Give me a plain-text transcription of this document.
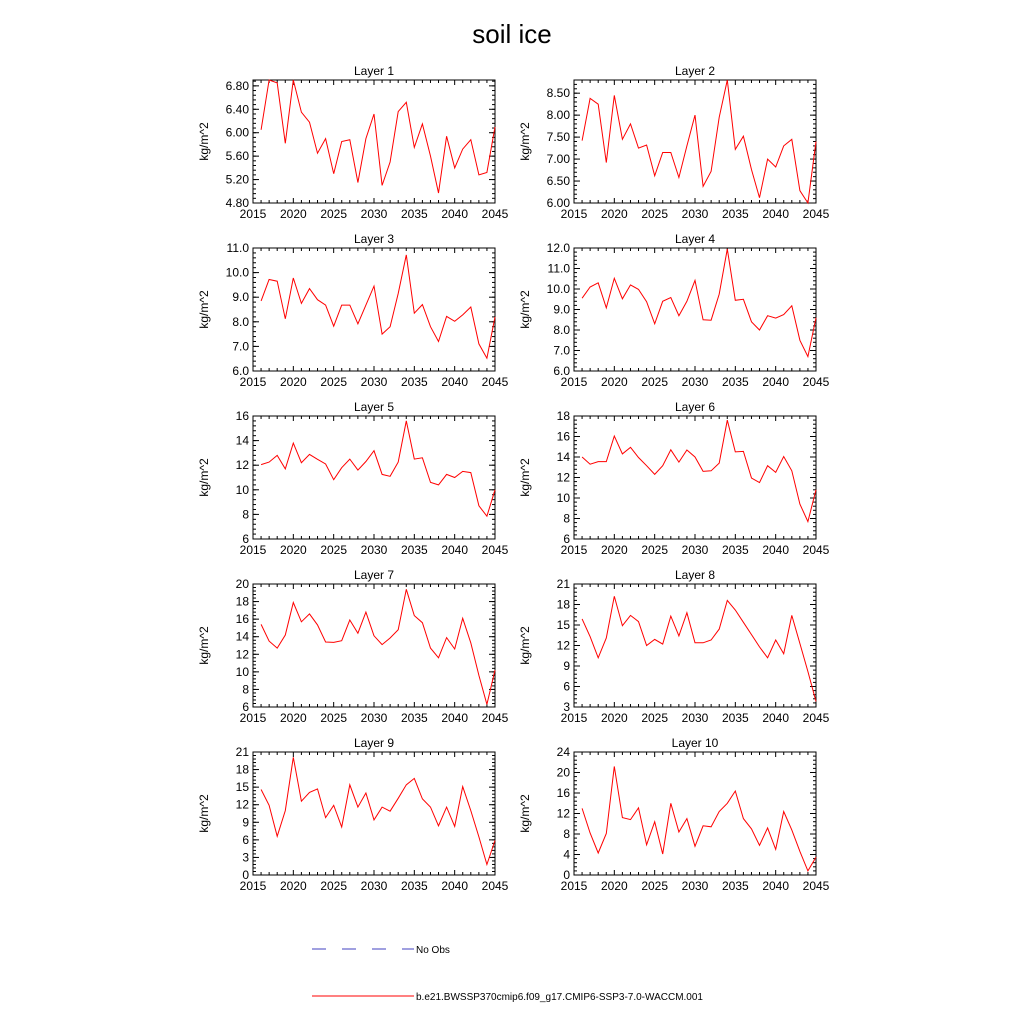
soil ice
Layer 1
2015 2020 2025 2030 2035 2040 2045
4.80
5.20
5.60
6.00
6.40
6.80
kg/m^2
Layer 2
2015 2020 2025 2030 2035 2040 2045
6.00
6.50
7.00
7.50
8.00
8.50
kg/m^2
Layer 3
2015 2020 2025 2030 2035 2040 2045
6.0
7.0
8.0
9.0
10.0
11.0
kg/m^2
Layer 4
2015 2020 2025 2030 2035 2040 2045
6.0
7.0
8.0
9.0
10.0
11.0
12.0
kg/m^2
Layer 5
2015 2020 2025 2030 2035 2040 2045
6
8
10
12
14
16
kg/m^2
Layer 6
2015 2020 2025 2030 2035 2040 2045
6
8
10
12
14
16
18
kg/m^2
Layer 7
2015 2020 2025 2030 2035 2040 2045
6
8
10
12
14
16
18
20
kg/m^2
Layer 8
2015 2020 2025 2030 2035 2040 2045
3
6
9
12
15
18
21
kg/m^2
Layer 9
2015 2020 2025 2030 2035 2040 2045
0
3
6
9
12
15
18
21
kg/m^2
Layer 10
2015 2020 2025 2030 2035 2040 2045
0
4
8
12
16
20
24
kg/m^2
No Obs
b.e21.BWSSP370cmip6.f09_g17.CMIP6-SSP3-7.0-WACCM.001
